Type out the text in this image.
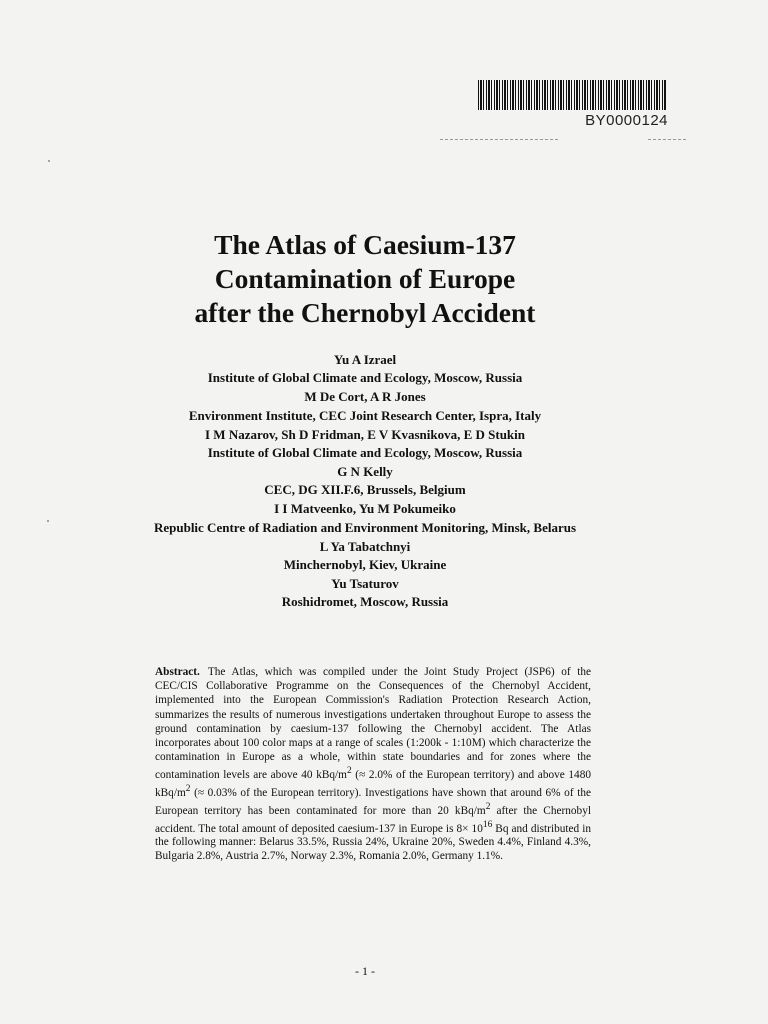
BY0000124
The Atlas of Caesium-137
Contamination of Europe
after the Chernobyl Accident
Yu A Izrael
Institute of Global Climate and Ecology, Moscow, Russia
M De Cort, A R Jones
Environment Institute, CEC Joint Research Center, Ispra, Italy
I M Nazarov, Sh D Fridman, E V Kvasnikova, E D Stukin
Institute of Global Climate and Ecology, Moscow, Russia
G N Kelly
CEC, DG XII.F.6, Brussels, Belgium
I I Matveenko, Yu M Pokumeiko
Republic Centre of Radiation and Environment Monitoring, Minsk, Belarus
L Ya Tabatchnyi
Minchernobyl, Kiev, Ukraine
Yu Tsaturov
Roshidromet, Moscow, Russia

Abstract. The Atlas, which was compiled under the Joint Study Project (JSP6) of the CEC/CIS Collaborative Programme on the Consequences of the Chernobyl Accident, implemented into the European Commission's Radiation Protection Research Action, summarizes the results of numerous investigations undertaken throughout Europe to assess the ground contamination by caesium-137 following the Chernobyl accident. The Atlas incorporates about 100 color maps at a range of scales (1:200k - 1:10M) which characterize the contamination in Europe as a whole, within state boundaries and for zones where the contamination levels are above 40 kBq/$m^2$ (≈ 2.0% of the European territory) and above 1480 kBq/$m^2$ (≈ 0.03% of the European territory). Investigations have shown that around 6% of the European territory has been contaminated for more than 20 kBq/$m^2$ after the Chernobyl accident. The total amount of deposited caesium-137 in Europe is $8\times 10^{16}$ Bq and distributed in the following manner: Belarus 33.5%, Russia 24%, Ukraine 20%, Sweden 4.4%, Finland 4.3%, Bulgaria 2.8%, Austria 2.7%, Norway 2.3%, Romania 2.0%, Germany 1.1%.

- 1 -
